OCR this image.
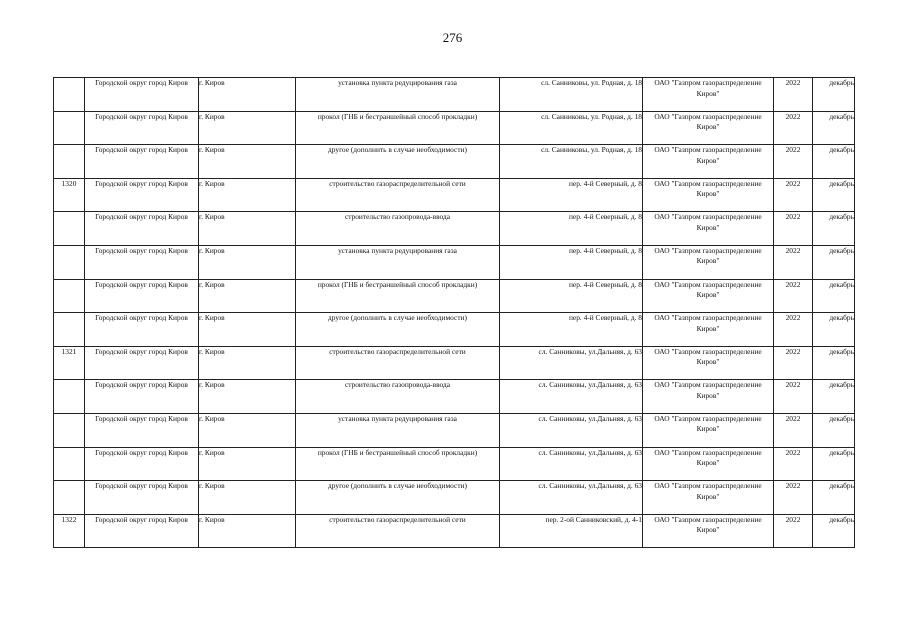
276

	Городской округ город Киров	г. Киров	установка пункта редуцирования газа	сл. Санниковы, ул. Родная, д. 18	ОАО "Газпром газораспределение Киров"	2022	декабрь

	Городской округ город Киров	г. Киров	прокол (ГНБ и бестраншейный способ прокладки)	сл. Санниковы, ул. Родная, д. 18	ОАО "Газпром газораспределение Киров"	2022	декабрь

	Городской округ город Киров	г. Киров	другое (дополнить в случае необходимости)	сл. Санниковы, ул. Родная, д. 18	ОАО "Газпром газораспределение Киров"	2022	декабрь

1320	Городской округ город Киров	г. Киров	строительство газораспределительной сети	пер. 4-й Северный, д. 8	ОАО "Газпром газораспределение Киров"	2022	декабрь

	Городской округ город Киров	г. Киров	строительство газопровода-ввода	пер. 4-й Северный, д. 8	ОАО "Газпром газораспределение Киров"	2022	декабрь

	Городской округ город Киров	г. Киров	установка пункта редуцирования газа	пер. 4-й Северный, д. 8	ОАО "Газпром газораспределение Киров"	2022	декабрь

	Городской округ город Киров	г. Киров	прокол (ГНБ и бестраншейный способ прокладки)	пер. 4-й Северный, д. 8	ОАО "Газпром газораспределение Киров"	2022	декабрь

	Городской округ город Киров	г. Киров	другое (дополнить в случае необходимости)	пер. 4-й Северный, д. 8	ОАО "Газпром газораспределение Киров"	2022	декабрь

1321	Городской округ город Киров	г. Киров	строительство газораспределительной сети	сл. Санниковы, ул.Дальняя, д. 63	ОАО "Газпром газораспределение Киров"	2022	декабрь

	Городской округ город Киров	г. Киров	строительство газопровода-ввода	сл. Санниковы, ул.Дальняя, д. 63	ОАО "Газпром газораспределение Киров"	2022	декабрь

	Городской округ город Киров	г. Киров	установка пункта редуцирования газа	сл. Санниковы, ул.Дальняя, д. 63	ОАО "Газпром газораспределение Киров"	2022	декабрь

	Городской округ город Киров	г. Киров	прокол (ГНБ и бестраншейный способ прокладки)	сл. Санниковы, ул.Дальняя, д. 63	ОАО "Газпром газораспределение Киров"	2022	декабрь

	Городской округ город Киров	г. Киров	другое (дополнить в случае необходимости)	сл. Санниковы, ул.Дальняя, д. 63	ОАО "Газпром газораспределение Киров"	2022	декабрь

1322	Городской округ город Киров	г. Киров	строительство газораспределительной сети	пер. 2-ой Санниковский, д. 4-1	ОАО "Газпром газораспределение Киров"	2022	декабрь
